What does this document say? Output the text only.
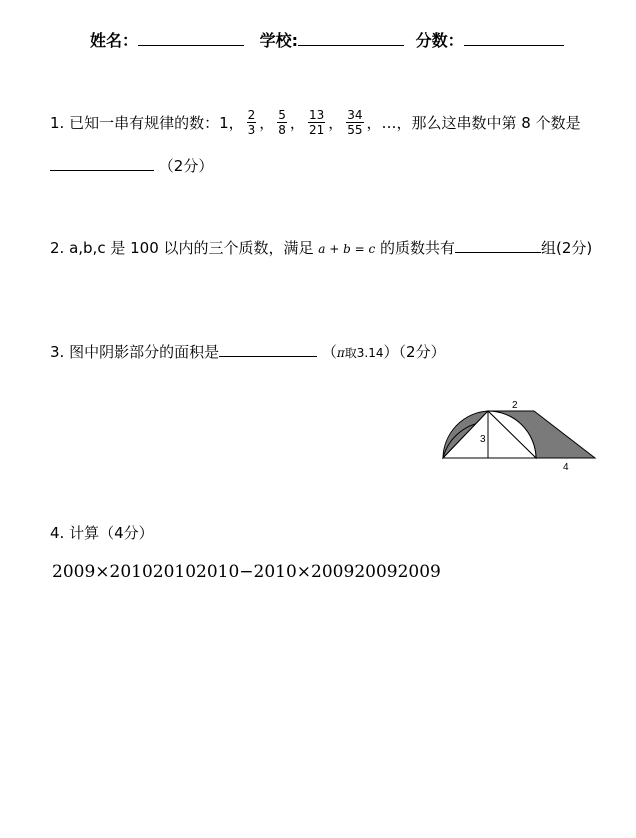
姓名：	学校:	分数：
1. 已知一串有规律的数：1， $\frac{2}{3}$ ， $\frac{5}{8}$ ， $\frac{13}{21}$ ， $\frac{34}{55}$ ，…，那么这串数中第 8 个数是
（2分）
2. a,b,c 是 100 以内的三个质数，满足 a + b = c 的质数共有	组(2分)
3. 图中阴影部分的面积是	（π取3.14）（2分）
2
3
4
4. 计算（4分）
2009×201020102010−2010×200920092009
